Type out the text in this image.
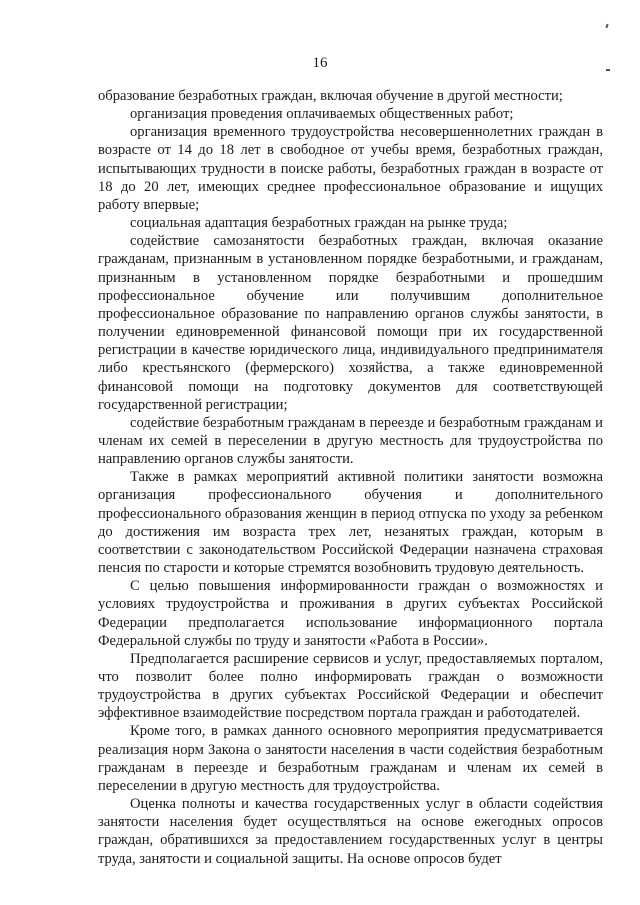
16

образование безработных граждан, включая обучение в другой местности;

организация проведения оплачиваемых общественных работ;

организация временного трудоустройства несовершеннолетних граждан в возрасте от 14 до 18 лет в свободное от учебы время, безработных граждан, испытывающих трудности в поиске работы, безработных граждан в возрасте от 18 до 20 лет, имеющих среднее профессиональное образование и ищущих работу впервые;

социальная адаптация безработных граждан на рынке труда;

содействие самозанятости безработных граждан, включая оказание гражданам, признанным в установленном порядке безработными, и гражданам, признанным в установленном порядке безработными и прошедшим профессиональное обучение или получившим дополнительное профессиональное образование по направлению органов службы занятости, в получении единовременной финансовой помощи при их государственной регистрации в качестве юридического лица, индивидуального предпринимателя либо крестьянского (фермерского) хозяйства, а также единовременной финансовой помощи на подготовку документов для соответствующей государственной регистрации;

содействие безработным гражданам в переезде и безработным гражданам и членам их семей в переселении в другую местность для трудоустройства по направлению органов службы занятости.

Также в рамках мероприятий активной политики занятости возможна организация профессионального обучения и дополнительного профессионального образования женщин в период отпуска по уходу за ребенком до достижения им возраста трех лет, незанятых граждан, которым в соответствии с законодательством Российской Федерации назначена страховая пенсия по старости и которые стремятся возобновить трудовую деятельность.

С целью повышения информированности граждан о возможностях и условиях трудоустройства и проживания в других субъектах Российской Федерации предполагается использование информационного портала Федеральной службы по труду и занятости «Работа в России».

Предполагается расширение сервисов и услуг, предоставляемых порталом, что позволит более полно информировать граждан о возможности трудоустройства в других субъектах Российской Федерации и обеспечит эффективное взаимодействие посредством портала граждан и работодателей.

Кроме того, в рамках данного основного мероприятия предусматривается реализация норм Закона о занятости населения в части содействия безработным гражданам в переезде и безработным гражданам и членам их семей в переселении в другую местность для трудоустройства.

Оценка полноты и качества государственных услуг в области содействия занятости населения будет осуществляться на основе ежегодных опросов граждан, обратившихся за предоставлением государственных услуг в центры труда, занятости и социальной защиты. На основе опросов будет
